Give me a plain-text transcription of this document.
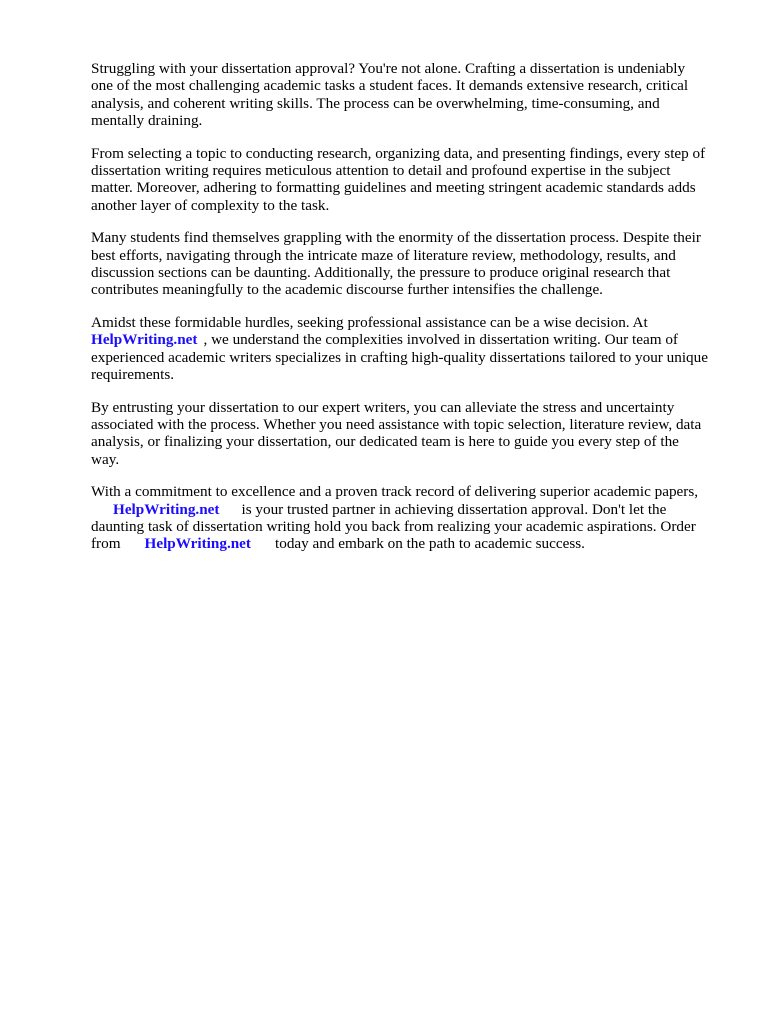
Struggling with your dissertation approval? You're not alone. Crafting a dissertation is undeniably
one of the most challenging academic tasks a student faces. It demands extensive research, critical
analysis, and coherent writing skills. The process can be overwhelming, time-consuming, and
mentally draining.

From selecting a topic to conducting research, organizing data, and presenting findings, every step of
dissertation writing requires meticulous attention to detail and profound expertise in the subject
matter. Moreover, adhering to formatting guidelines and meeting stringent academic standards adds
another layer of complexity to the task.

Many students find themselves grappling with the enormity of the dissertation process. Despite their
best efforts, navigating through the intricate maze of literature review, methodology, results, and
discussion sections can be daunting. Additionally, the pressure to produce original research that
contributes meaningfully to the academic discourse further intensifies the challenge.

Amidst these formidable hurdles, seeking professional assistance can be a wise decision. At
HelpWriting.net , we understand the complexities involved in dissertation writing. Our team of
experienced academic writers specializes in crafting high-quality dissertations tailored to your unique
requirements.

By entrusting your dissertation to our expert writers, you can alleviate the stress and uncertainty
associated with the process. Whether you need assistance with topic selection, literature review, data
analysis, or finalizing your dissertation, our dedicated team is here to guide you every step of the
way.

With a commitment to excellence and a proven track record of delivering superior academic papers,
HelpWriting.net is your trusted partner in achieving dissertation approval. Don't let the
daunting task of dissertation writing hold you back from realizing your academic aspirations. Order
from HelpWriting.net today and embark on the path to academic success.
